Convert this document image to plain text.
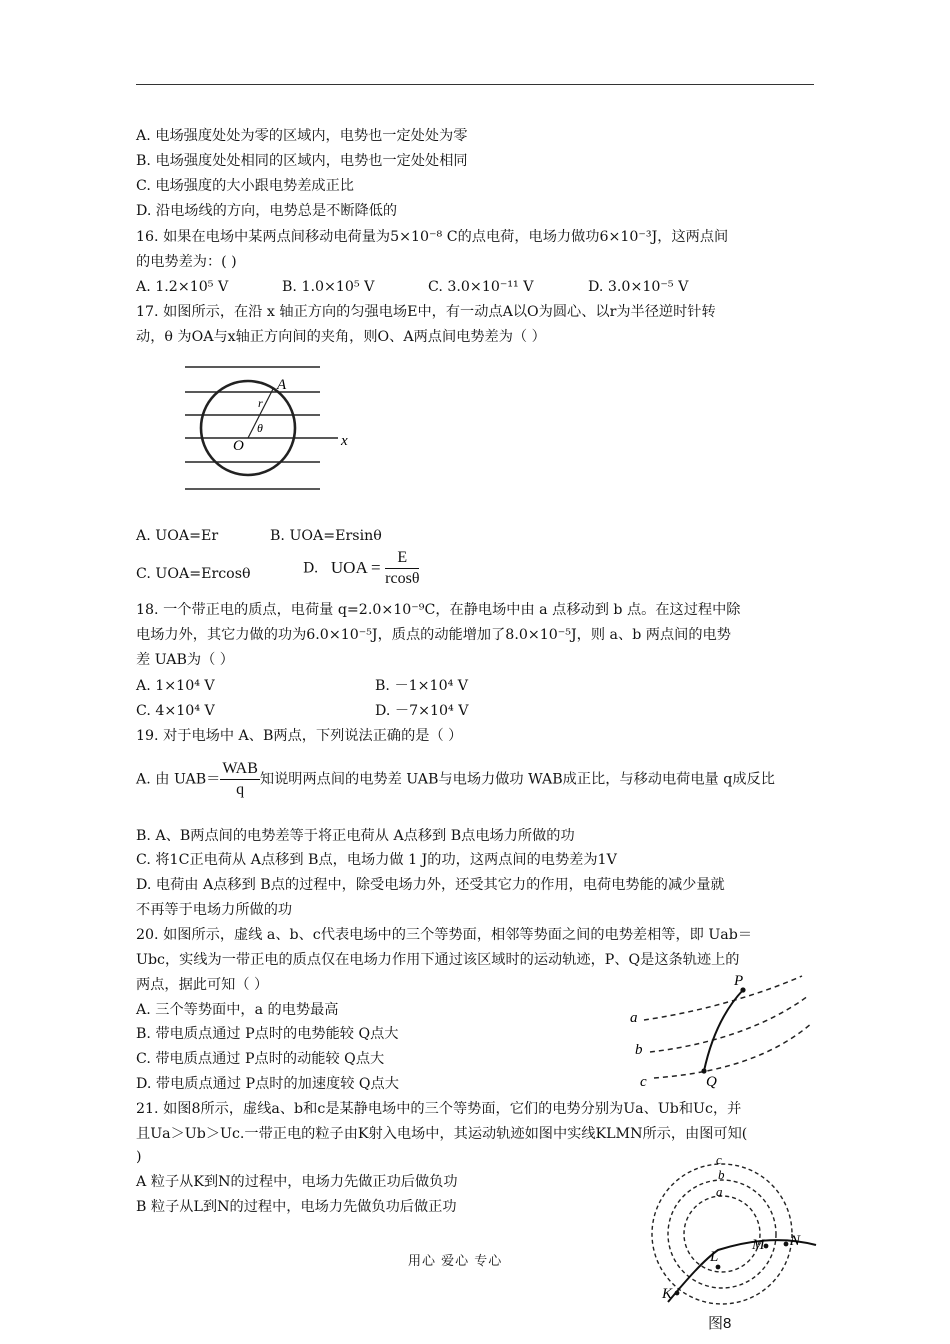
A. 电场强度处处为零的区域内，电势也一定处处为零
B. 电场强度处处相同的区域内，电势也一定处处相同
C. 电场强度的大小跟电势差成正比
D. 沿电场线的方向，电势总是不断降低的
16. 如果在电场中某两点间移动电荷量为5×10⁻⁸ C的点电荷，电场力做功6×10⁻³J，这两点间
的电势差为：( )
A. 1.2×10⁵ V	B. 1.0×10⁵ V	C. 3.0×10⁻¹¹ V	D. 3.0×10⁻⁵ V
17. 如图所示，在沿 x 轴正方向的匀强电场E中，有一动点A以O为圆心、以r为半径逆时针转
动，θ 为OA与x轴正方向间的夹角，则O、A两点间电势差为（ ）
A
r
θ
O	x
A. UOA=Er	B. UOA=Ersinθ
C. UOA=Ercosθ	D. UOA = $\frac{E}{rcos\theta}$
18. 一个带正电的质点，电荷量 q=2.0×10⁻⁹C，在静电场中由 a 点移动到 b 点。在这过程中除
电场力外，其它力做的功为6.0×10⁻⁵J，质点的动能增加了8.0×10⁻⁵J，则 a、b 两点间的电势
差 UAB为（ ）
A. 1×10⁴ V	B. －1×10⁴ V
C. 4×10⁴ V	D. －7×10⁴ V
19. 对于电场中 A、B两点，下列说法正确的是（ ）
A. 由 $UAB= \frac{\text{WAB}}{q}$ 知说明两点间的电势差 UAB与电场力做功 WAB成正比，与移动电荷电量 q成反比
B. A、B两点间的电势差等于将正电荷从 A点移到 B点电场力所做的功
C. 将1C正电荷从 A点移到 B点，电场力做 1 J的功，这两点间的电势差为1V
D. 电荷由 A点移到 B点的过程中，除受电场力外，还受其它力的作用，电荷电势能的减少量就
不再等于电场力所做的功
20. 如图所示，虚线 a、b、c代表电场中的三个等势面，相邻等势面之间的电势差相等，即 Uab＝
Ubc，实线为一带正电的质点仅在电场力作用下通过该区域时的运动轨迹，P、Q是这条轨迹上的
两点，据此可知（ ）
A. 三个等势面中，a 的电势最高
B. 带电质点通过 P点时的电势能较 Q点大
C. 带电质点通过 P点时的动能较 Q点大
D. 带电质点通过 P点时的加速度较 Q点大
a
b
c
P
Q
21. 如图8所示，虚线a、b和c是某静电场中的三个等势面，它们的电势分别为Ua、Ub和Uc，并
且Ua＞Ub＞Uc.一带正电的粒子由K射入电场中，其运动轨迹如图中实线KLMN所示，由图可知(
)
A 粒子从K到N的过程中，电场力先做正功后做负功
B 粒子从L到N的过程中，电场力先做负功后做正功
c
b
a
K
L
M N
图8
用心 爱心 专心
